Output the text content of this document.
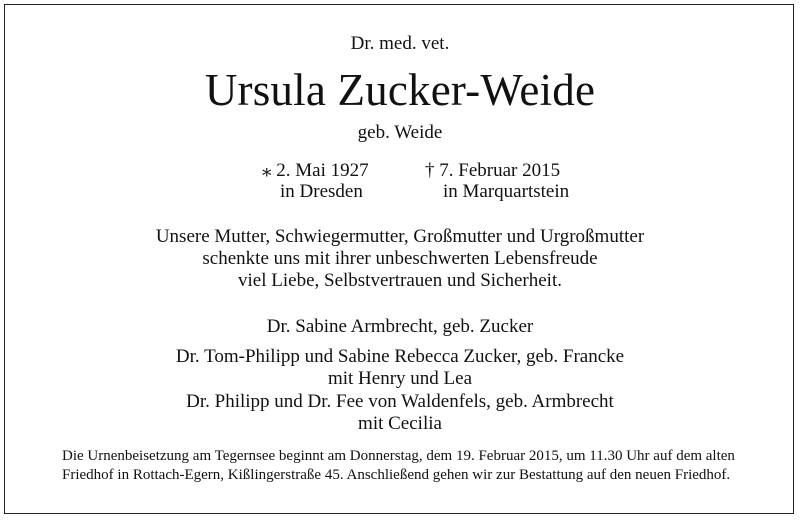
Dr. med. vet.
Ursula Zucker-Weide
geb. Weide
⁎ 2. Mai 1927
in Dresden
† 7. Februar 2015
in Marquartstein
Unsere Mutter, Schwiegermutter, Großmutter und Urgroßmutter
schenkte uns mit ihrer unbeschwerten Lebensfreude
viel Liebe, Selbstvertrauen und Sicherheit.
Dr. Sabine Armbrecht, geb. Zucker
Dr. Tom-Philipp und Sabine Rebecca Zucker, geb. Francke
mit Henry und Lea
Dr. Philipp und Dr. Fee von Waldenfels, geb. Armbrecht
mit Cecilia
Die Urnenbeisetzung am Tegernsee beginnt am Donnerstag, dem 19. Februar 2015, um 11.30 Uhr auf dem alten
Friedhof in Rottach-Egern, Kißlingerstraße 45. Anschließend gehen wir zur Bestattung auf den neuen Friedhof.
